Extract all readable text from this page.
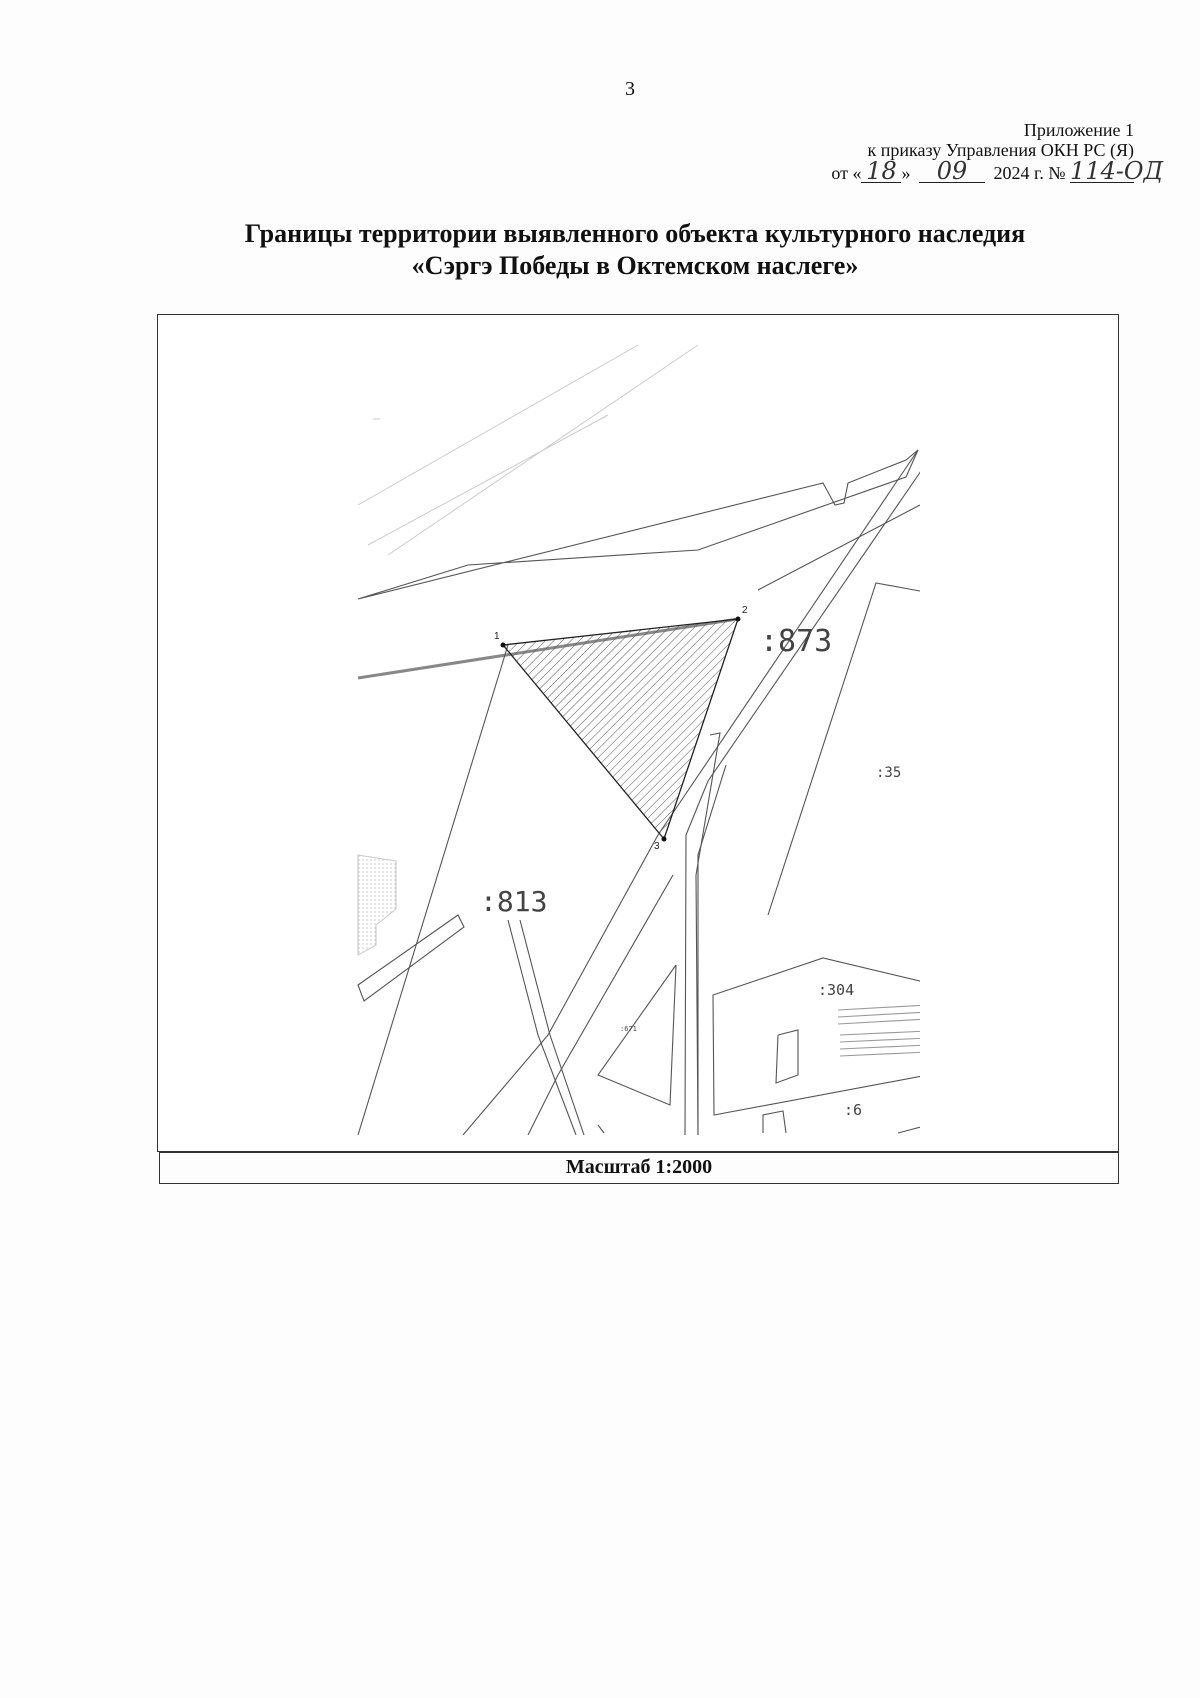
3
Приложение 1
к приказу Управления ОКН РС (Я)
от « 18 » 09 2024 г. № 114-ОД
Границы территории выявленного объекта культурного наследия
«Сэргэ Победы в Октемском наслеге»
1
2
3
:873
:35
:813
:304
:671
:6
Масштаб 1:2000
